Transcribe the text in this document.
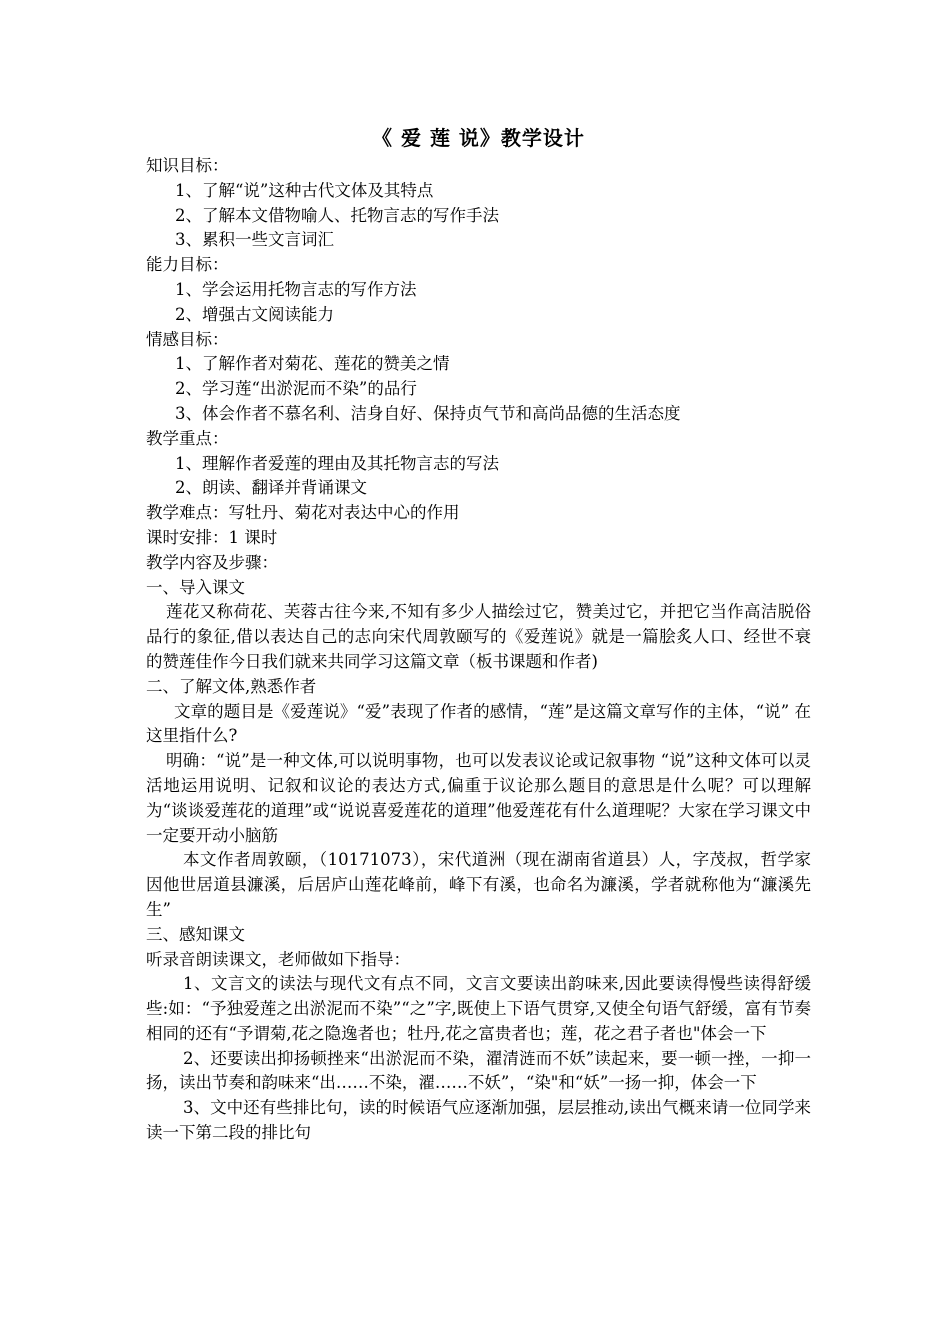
《 爱 莲 说》教学设计
知识目标：
1、了解“说”这种古代文体及其特点
2、了解本文借物喻人、托物言志的写作手法
3、累积一些文言词汇
能力目标：
1、学会运用托物言志的写作方法
2、增强古文阅读能力
情感目标：
1、了解作者对菊花、莲花的赞美之情
2、学习莲“出淤泥而不染”的品行
3、体会作者不慕名利、洁身自好、保持贞气节和高尚品德的生活态度
教学重点：
1、理解作者爱莲的理由及其托物言志的写法
2、朗读、翻译并背诵课文
教学难点：写牡丹、菊花对表达中心的作用
课时安排：1 课时
教学内容及步骤：
一、导入课文
莲花又称荷花、芙蓉古往今来,不知有多少人描绘过它，赞美过它，并把它当作高洁脱俗品行的象征,借以表达自己的志向宋代周敦颐写的《爱莲说》就是一篇脍炙人口、经世不衰的赞莲佳作今日我们就来共同学习这篇文章（板书课题和作者)
二、了解文体,熟悉作者
文章的题目是《爱莲说》“爱”表现了作者的感情，“莲”是这篇文章写作的主体，“说” 在这里指什么?
明确：“说”是一种文体,可以说明事物，也可以发表议论或记叙事物 “说”这种文体可以灵活地运用说明、记叙和议论的表达方式,偏重于议论那么题目的意思是什么呢？可以理解为“谈谈爱莲花的道理”或“说说喜爱莲花的道理”他爱莲花有什么道理呢？大家在学习课文中一定要开动小脑筋
本文作者周敦颐，（10171073），宋代道洲（现在湖南省道县）人，字茂叔，哲学家因他世居道县濂溪，后居庐山莲花峰前，峰下有溪，也命名为濂溪，学者就称他为“濂溪先生”
三、感知课文
听录音朗读课文，老师做如下指导：
1、文言文的读法与现代文有点不同，文言文要读出韵味来,因此要读得慢些读得舒缓些:如：“予独爱莲之出淤泥而不染”“之”字,既使上下语气贯穿,又使全句语气舒缓，富有节奏相同的还有“予谓菊,花之隐逸者也；牡丹,花之富贵者也；莲，花之君子者也"体会一下
2、还要读出抑扬顿挫来“出淤泥而不染，濯清涟而不妖”读起来，要一顿一挫，一抑一扬，读出节奏和韵味来“出……不染，濯……不妖”，“染"和“妖”一扬一抑，体会一下
3、文中还有些排比句，读的时候语气应逐渐加强，层层推动,读出气概来请一位同学来读一下第二段的排比句
